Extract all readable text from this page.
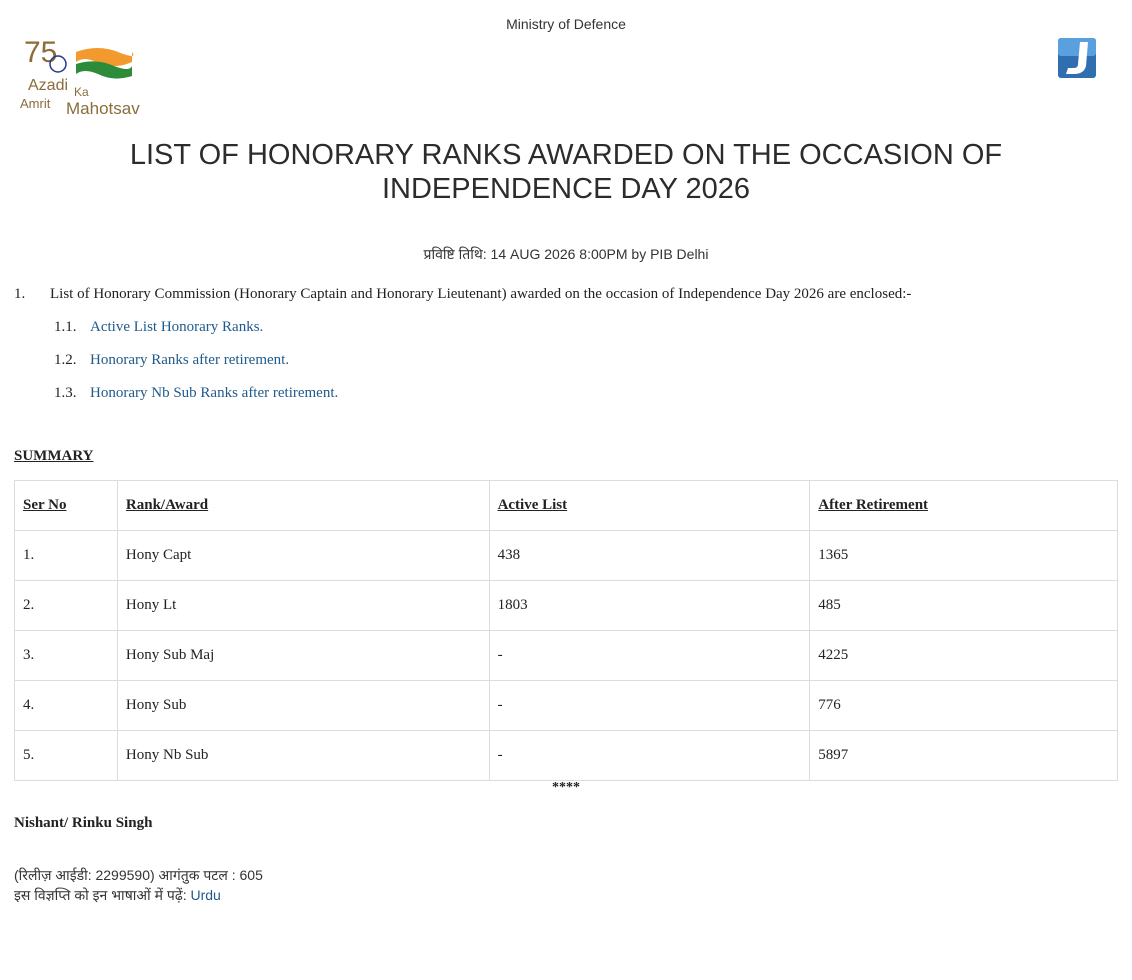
Ministry of Defence
75
Azadi Ka
Amrit Mahotsav
LIST OF HONORARY RANKS AWARDED ON THE OCCASION OF
INDEPENDENCE DAY 2026
प्रविष्टि तिथि: 14 AUG 2026 8:00PM by PIB Delhi
1. List of Honorary Commission (Honorary Captain and Honorary Lieutenant) awarded on the occasion of Independence Day 2026 are enclosed:-
1.1. Active List Honorary Ranks.
1.2. Honorary Ranks after retirement.
1.3. Honorary Nb Sub Ranks after retirement.
SUMMARY
Ser No	Rank/Award	Active List	After Retirement
1.	Hony Capt	438	1365
2.	Hony Lt	1803	485
3.	Hony Sub Maj	-	4225
4.	Hony Sub	-	776
5.	Hony Nb Sub	-	5897
****
Nishant/ Rinku Singh
(रिलीज़ आईडी: 2299590) आगंतुक पटल : 605
इस विज्ञप्ति को इन भाषाओं में पढ़ें: Urdu
